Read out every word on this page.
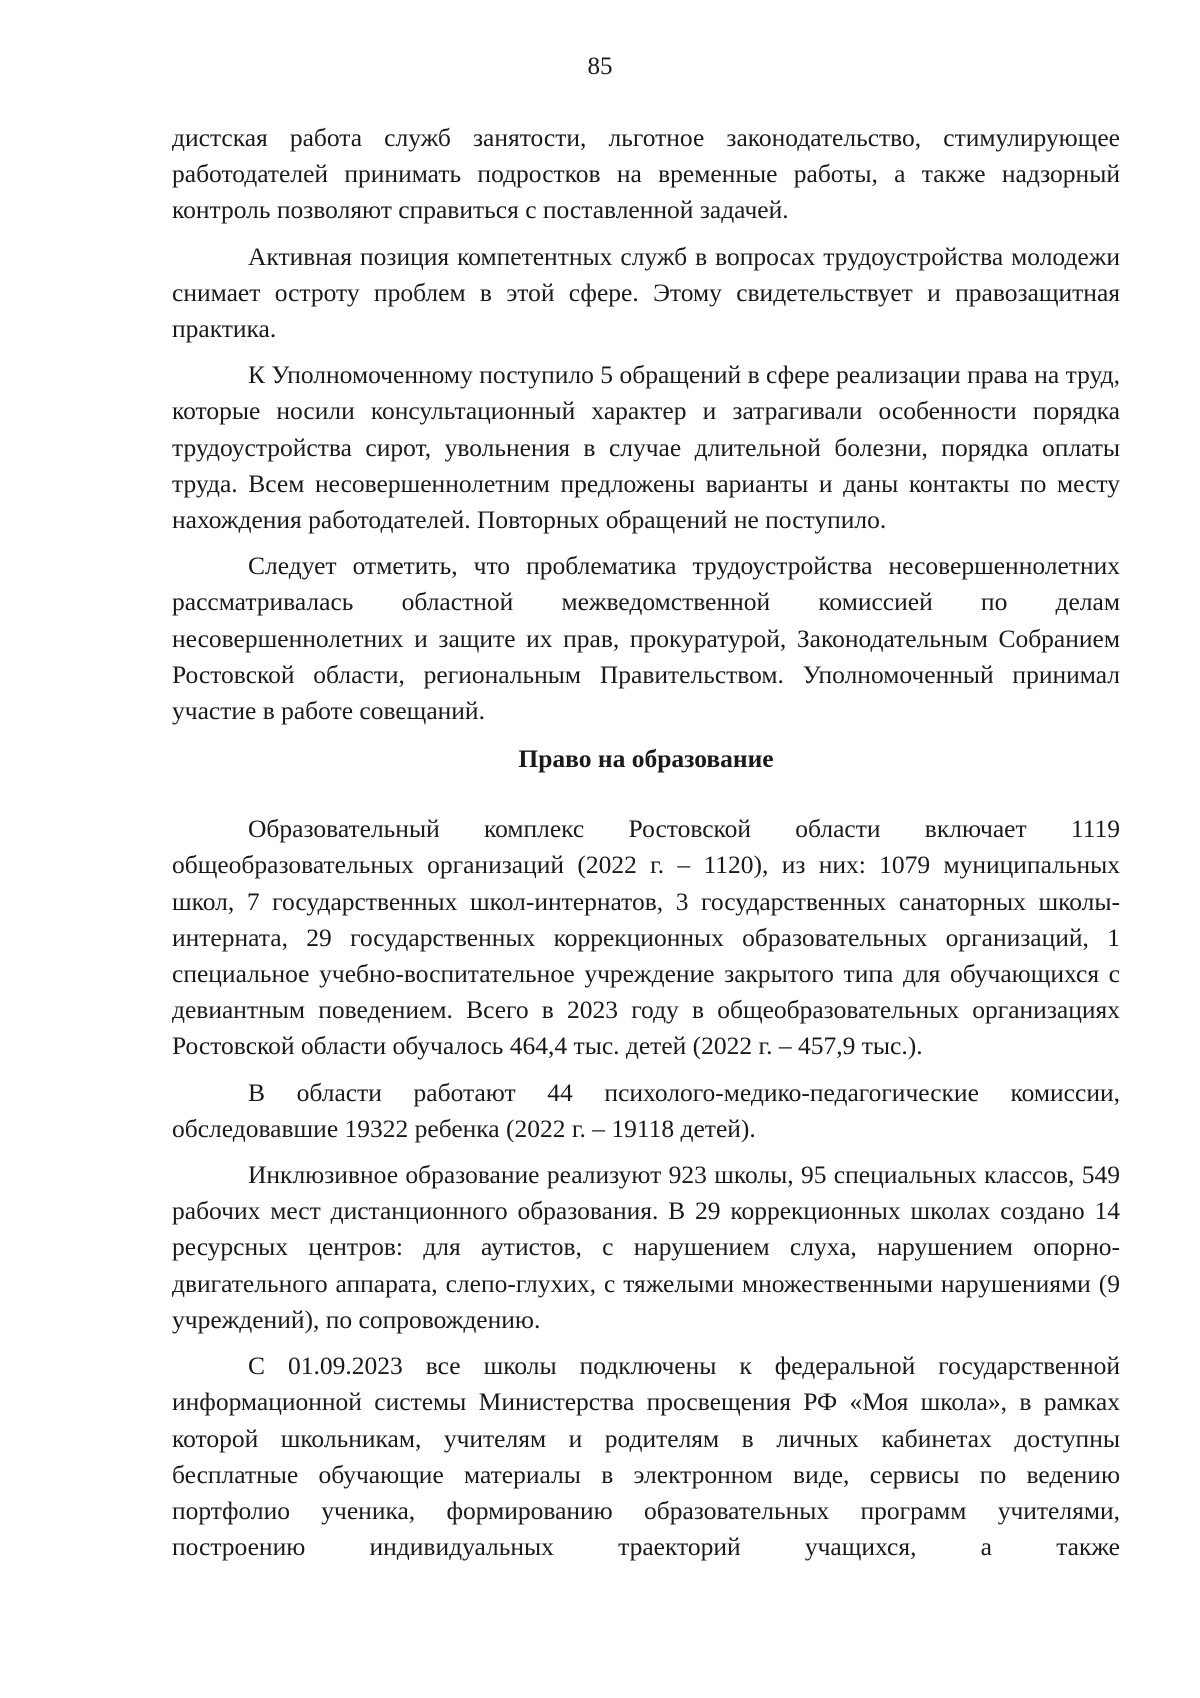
85

дистская работа служб занятости, льготное законодательство, стимулирующее работодателей принимать подростков на временные работы, а также надзорный контроль позволяют справиться с поставленной задачей.

Активная позиция компетентных служб в вопросах трудоустройства молодежи снимает остроту проблем в этой сфере. Этому свидетельствует и правозащитная практика.

К Уполномоченному поступило 5 обращений в сфере реализации права на труд, которые носили консультационный характер и затрагивали особенности порядка трудоустройства сирот, увольнения в случае длительной болезни, порядка оплаты труда. Всем несовершеннолетним предложены варианты и даны контакты по месту нахождения работодателей. Повторных обращений не поступило.

Следует отметить, что проблематика трудоустройства несовершеннолетних рассматривалась областной межведомственной комиссией по делам несовершеннолетних и защите их прав, прокуратурой, Законодательным Собранием Ростовской области, региональным Правительством. Уполномоченный принимал участие в работе совещаний.

Право на образование

Образовательный комплекс Ростовской области включает 1119 общеобразовательных организаций (2022 г. – 1120), из них: 1079 муниципальных школ, 7 государственных школ-интернатов, 3 государственных санаторных школы-интерната, 29 государственных коррекционных образовательных организаций, 1 специальное учебно-воспитательное учреждение закрытого типа для обучающихся с девиантным поведением. Всего в 2023 году в общеобразовательных организациях Ростовской области обучалось 464,4 тыс. детей (2022 г. – 457,9 тыс.).

В области работают 44 психолого-медико-педагогические комиссии, обследовавшие 19322 ребенка (2022 г. – 19118 детей).

Инклюзивное образование реализуют 923 школы, 95 специальных классов, 549 рабочих мест дистанционного образования. В 29 коррекционных школах создано 14 ресурсных центров: для аутистов, с нарушением слуха, нарушением опорно-двигательного аппарата, слепо-глухих, с тяжелыми множественными нарушениями (9 учреждений), по сопровождению.

С 01.09.2023 все школы подключены к федеральной государственной информационной системы Министерства просвещения РФ «Моя школа», в рамках которой школьникам, учителям и родителям в личных кабинетах доступны бесплатные обучающие материалы в электронном виде, сервисы по ведению портфолио ученика, формированию образовательных программ учителями, построению индивидуальных траекторий учащихся, а также
